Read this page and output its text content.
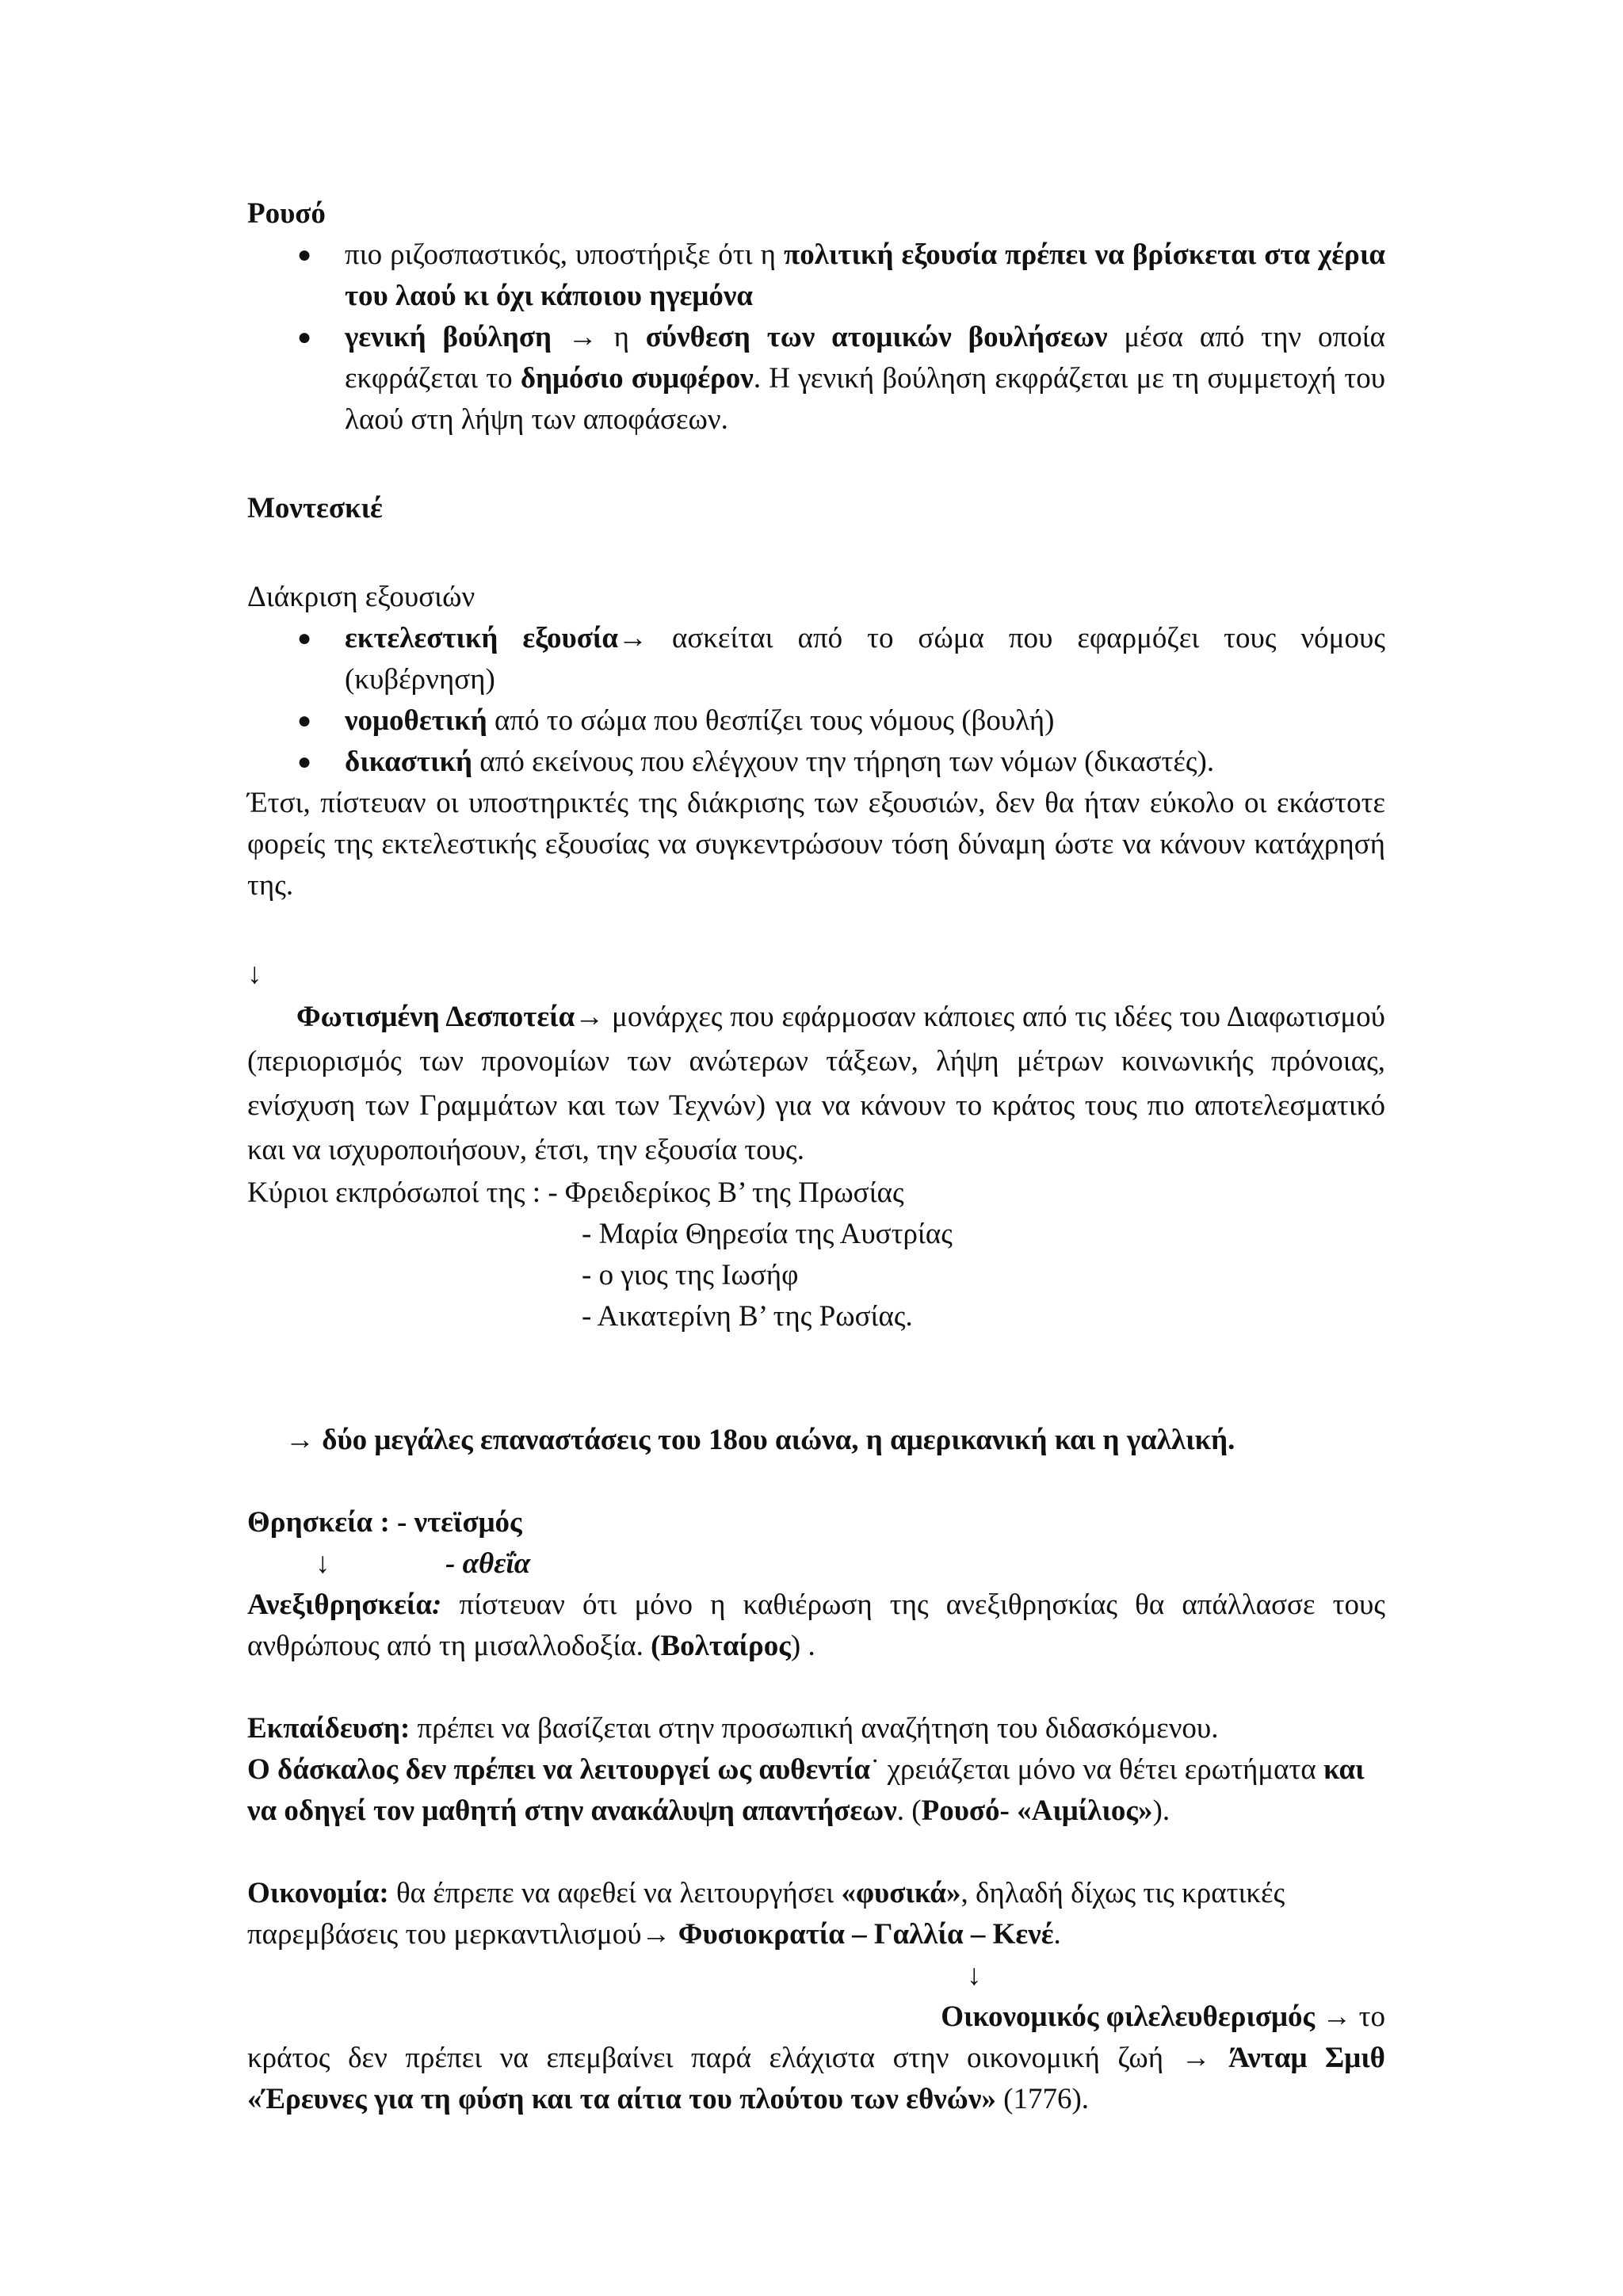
Ρουσό

● πιο ριζοσπαστικός, υποστήριξε ότι η πολιτική εξουσία πρέπει να βρίσκεται στα χέρια του λαού κι όχι κάποιου ηγεμόνα
● γενική βούληση → η σύνθεση των ατομικών βουλήσεων μέσα από την οποία εκφράζεται το δημόσιο συμφέρον. Η γενική βούληση εκφράζεται με τη συμμετοχή του λαού στη λήψη των αποφάσεων.

Μοντεσκιέ

Διάκριση εξουσιών

● εκτελεστική εξουσία→ ασκείται από το σώμα που εφαρμόζει τους νόμους (κυβέρνηση)
● νομοθετική από το σώμα που θεσπίζει τους νόμους (βουλή)
● δικαστική από εκείνους που ελέγχουν την τήρηση των νόμων (δικαστές).

Έτσι, πίστευαν οι υποστηρικτές της διάκρισης των εξουσιών, δεν θα ήταν εύκολο οι εκάστοτε φορείς της εκτελεστικής εξουσίας να συγκεντρώσουν τόση δύναμη ώστε να κάνουν κατάχρησή της.

↓

Φωτισμένη Δεσποτεία→ μονάρχες που εφάρμοσαν κάποιες από τις ιδέες του Διαφωτισμού (περιορισμός των προνομίων των ανώτερων τάξεων, λήψη μέτρων κοινωνικής πρόνοιας, ενίσχυση των Γραμμάτων και των Τεχνών) για να κάνουν το κράτος τους πιο αποτελεσματικό και να ισχυροποιήσουν, έτσι, την εξουσία τους.

Κύριοι εκπρόσωποί της : - Φρειδερίκος Β’ της Πρωσίας

- Μαρία Θηρεσία της Αυστρίας

- ο γιος της Ιωσήφ

- Αικατερίνη Β’ της Ρωσίας.

→ δύο μεγάλες επαναστάσεις του 18ου αιώνα, η αμερικανική και η γαλλική.

Θρησκεία : - ντεϊσμός

↓	- αθεΐα

Ανεξιθρησκεία: πίστευαν ότι μόνο η καθιέρωση της ανεξιθρησκίας θα απάλλασσε τους ανθρώπους από τη μισαλλοδοξία. (Βολταίρος) .

Εκπαίδευση: πρέπει να βασίζεται στην προσωπική αναζήτηση του διδασκόμενου.
Ο δάσκαλος δεν πρέπει να λειτουργεί ως αυθεντία˙ χρειάζεται μόνο να θέτει ερωτήματα και να οδηγεί τον μαθητή στην ανακάλυψη απαντήσεων. (Ρουσό- «Αιμίλιος»).

Οικονομία: θα έπρεπε να αφεθεί να λειτουργήσει «φυσικά», δηλαδή δίχως τις κρατικές παρεμβάσεις του μερκαντιλισμού→ Φυσιοκρατία – Γαλλία – Κενέ.

↓

Οικονομικός φιλελευθερισμός → το

κράτος δεν πρέπει να επεμβαίνει παρά ελάχιστα στην οικονομική ζωή → Άνταμ Σμιθ «Έρευνες για τη φύση και τα αίτια του πλούτου των εθνών» (1776).
